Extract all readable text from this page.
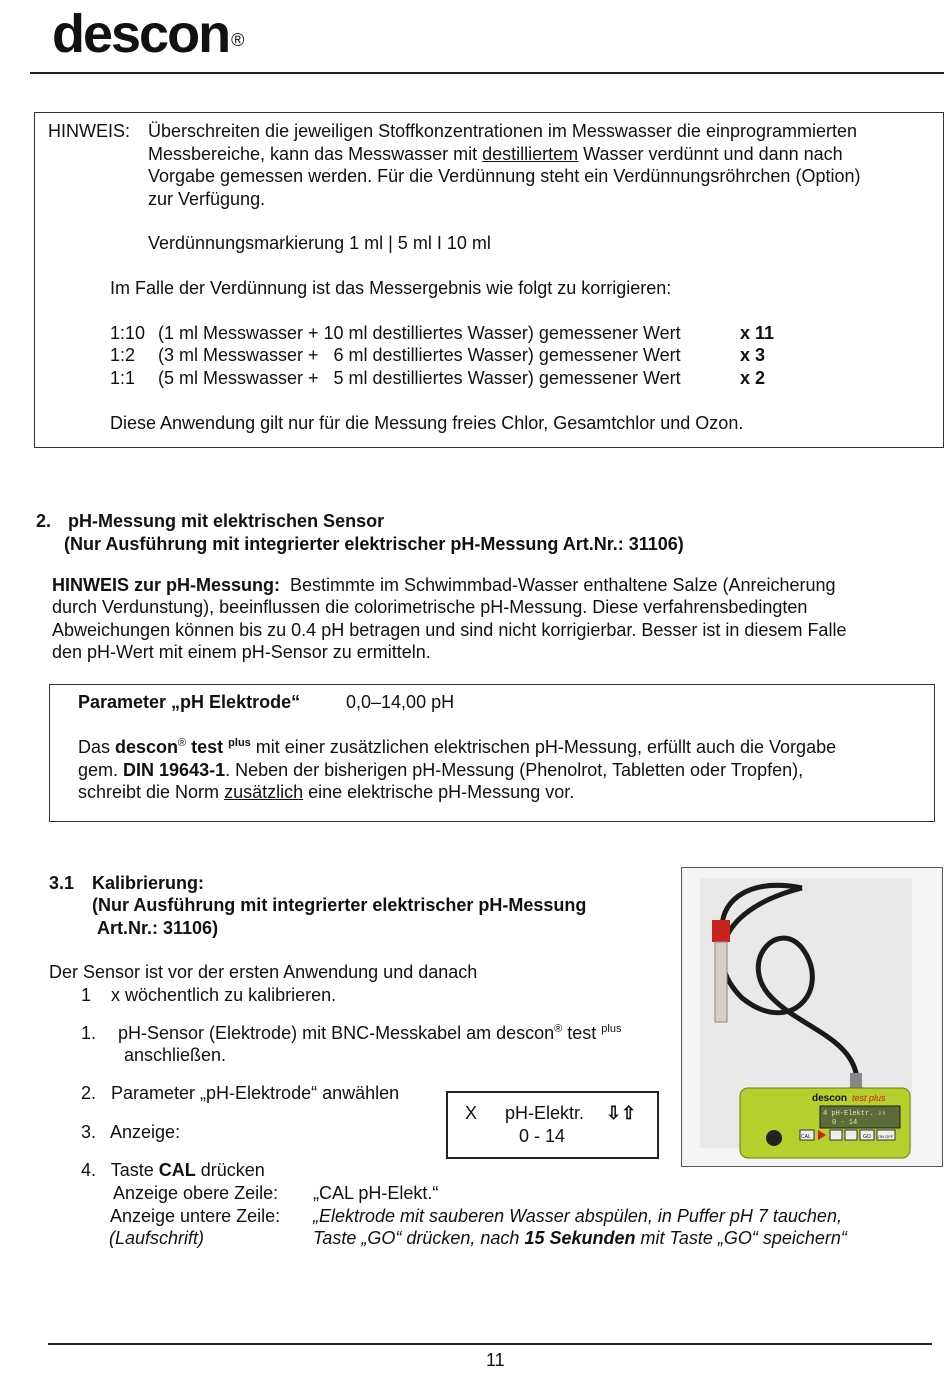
descon ®
HINWEIS: Überschreiten die jeweiligen Stoffkonzentrationen im Messwasser die einprogrammierten
Messbereiche, kann das Messwasser mit destilliertem Wasser verdünnt und dann nach
Vorgabe gemessen werden. Für die Verdünnung steht ein Verdünnungsröhrchen (Option)
zur Verfügung.
Verdünnungsmarkierung 1 ml | 5 ml I 10 ml
Im Falle der Verdünnung ist das Messergebnis wie folgt zu korrigieren:
1:10 (1 ml Messwasser + 10 ml destilliertes Wasser) gemessener Wert	x 11
1:2 (3 ml Messwasser +   6 ml destilliertes Wasser) gemessener Wert	x 3
1:1 (5 ml Messwasser +   5 ml destilliertes Wasser) gemessener Wert	x 2
Diese Anwendung gilt nur für die Messung freies Chlor, Gesamtchlor und Ozon.
2. pH-Messung mit elektrischen Sensor
(Nur Ausführung mit integrierter elektrischer pH-Messung Art.Nr.: 31106)
HINWEIS zur pH-Messung:  Bestimmte im Schwimmbad-Wasser enthaltene Salze (Anreicherung
durch Verdunstung), beeinflussen die colorimetrische pH-Messung. Diese verfahrensbedingten
Abweichungen können bis zu 0.4 pH betragen und sind nicht korrigierbar. Besser ist in diesem Falle
den pH-Wert mit einem pH-Sensor zu ermitteln.
Parameter „pH Elektrode“	0,0–14,00 pH
Das descon® test $^{plus}$ mit einer zusätzlichen elektrischen pH-Messung, erfüllt auch die Vorgabe
gem. DIN 19643-1. Neben der bisherigen pH-Messung (Phenolrot, Tabletten oder Tropfen),
schreibt die Norm zusätzlich eine elektrische pH-Messung vor.
3.1 Kalibrierung:
(Nur Ausführung mit integrierter elektrischer pH-Messung
Art.Nr.: 31106)
Der Sensor ist vor der ersten Anwendung und danach
1    x wöchentlich zu kalibrieren.
1. pH-Sensor (Elektrode) mit BNC-Messkabel am descon® test $^{plus}$
anschließen.
2.   Parameter „pH-Elektrode“ anwählen
3.   Anzeige:
4.   Taste CAL drücken
Anzeige obere Zeile: „CAL pH-Elekt.“
Anzeige untere Zeile: „Elektrode mit sauberen Wasser abspülen, in Puffer pH 7 tauchen,
(Laufschrift)	Taste „GO“ drücken, nach 15 Sekunden mit Taste „GO“ speichern“
X pH-Elektr. ⇩⇧
0 - 14
descon test plus
4 pH-Elektr. ⇩⇧
0 - 14
CAL	GO ON OFF
11
